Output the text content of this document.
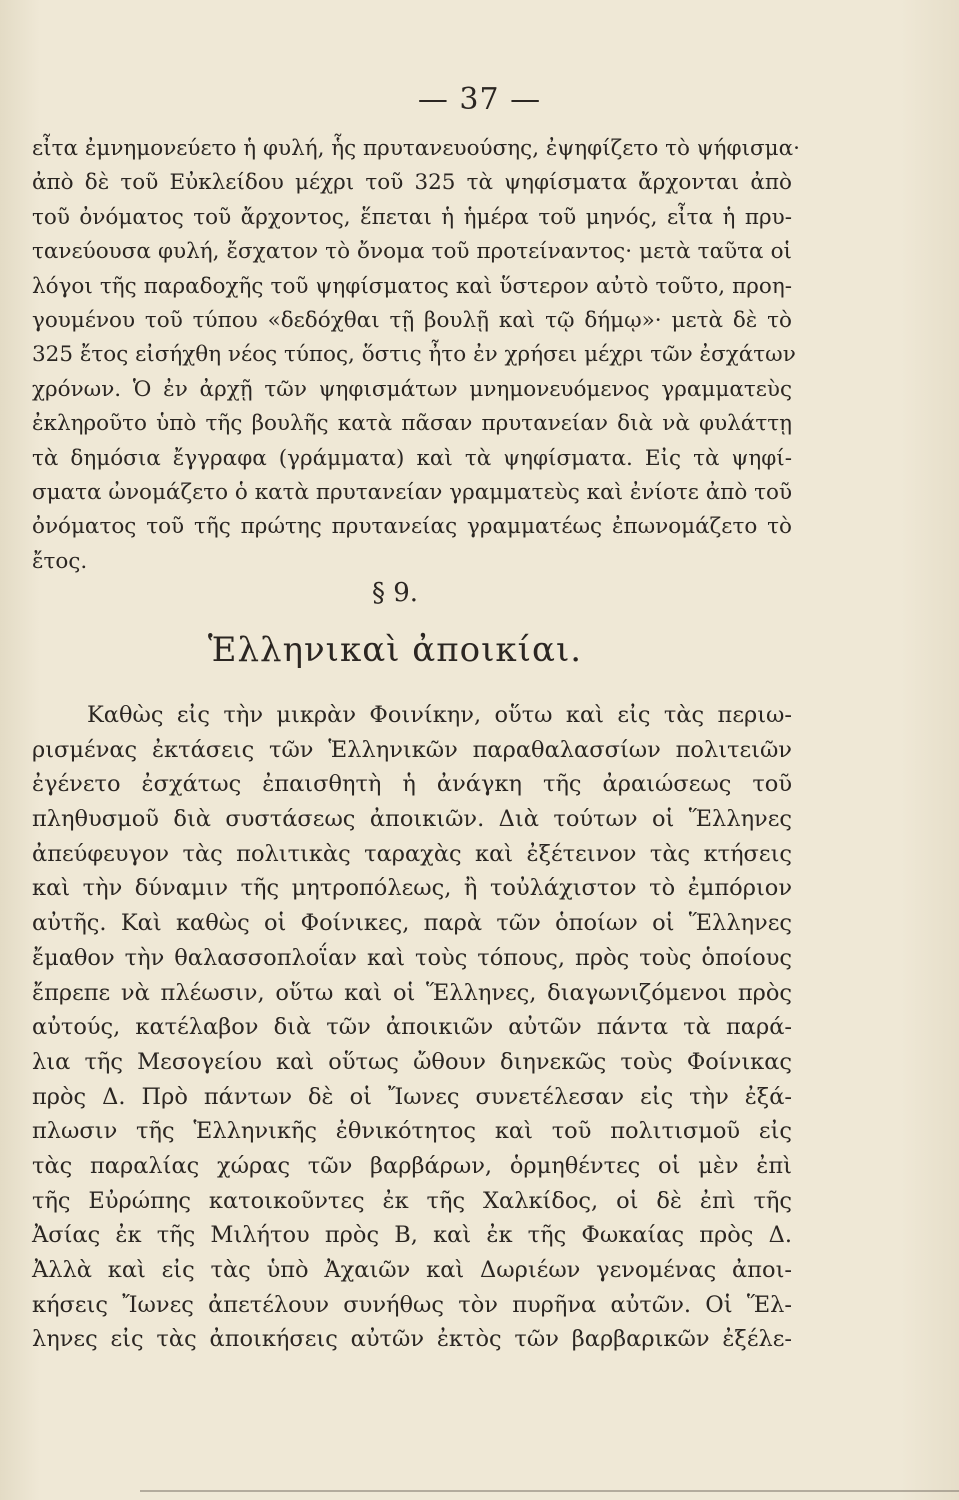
— 37 —
εἶτα ἐμνημονεύετο ἡ φυλή, ἧς πρυτανευούσης, ἐψηφίζετο τὸ ψήφισμα·
ἀπὸ δὲ τοῦ Εὐκλείδου μέχρι τοῦ 325 τὰ ψηφίσματα ἄρχονται ἀπὸ
τοῦ ὀνόματος τοῦ ἄρχοντος, ἕπεται ἡ ἡμέρα τοῦ μηνός, εἶτα ἡ πρυ-
τανεύουσα φυλή, ἔσχατον τὸ ὄνομα τοῦ προτείναντος· μετὰ ταῦτα οἱ
λόγοι τῆς παραδοχῆς τοῦ ψηφίσματος καὶ ὕστερον αὐτὸ τοῦτο, προη-
γουμένου τοῦ τύπου «δεδόχθαι τῇ βουλῇ καὶ τῷ δήμῳ»· μετὰ δὲ τὸ
325 ἔτος εἰσήχθη νέος τύπος, ὅστις ἦτο ἐν χρήσει μέχρι τῶν ἐσχάτων
χρόνων. Ὁ ἐν ἀρχῇ τῶν ψηφισμάτων μνημονευόμενος γραμματεὺς
ἐκληροῦτο ὑπὸ τῆς βουλῆς κατὰ πᾶσαν πρυτανείαν διὰ νὰ φυλάττῃ
τὰ δημόσια ἔγγραφα (γράμματα) καὶ τὰ ψηφίσματα. Εἰς τὰ ψηφί-
σματα ὠνομάζετο ὁ κατὰ πρυτανείαν γραμματεὺς καὶ ἐνίοτε ἀπὸ τοῦ
ὀνόματος τοῦ τῆς πρώτης πρυτανείας γραμματέως ἐπωνομάζετο τὸ
ἔτος.
§ 9.
Ἑλληνικαὶ ἀποικίαι.
Καθὼς εἰς τὴν μικρὰν Φοινίκην, οὕτω καὶ εἰς τὰς περιω-
ρισμένας ἐκτάσεις τῶν Ἑλληνικῶν παραθαλασσίων πολιτειῶν
ἐγένετο ἐσχάτως ἐπαισθητὴ ἡ ἀνάγκη τῆς ἀραιώσεως τοῦ
πληθυσμοῦ διὰ συστάσεως ἀποικιῶν. Διὰ τούτων οἱ Ἕλληνες
ἀπεύφευγον τὰς πολιτικὰς ταραχὰς καὶ ἐξέτεινον τὰς κτήσεις
καὶ τὴν δύναμιν τῆς μητροπόλεως, ἢ τοὐλάχιστον τὸ ἐμπόριον
αὐτῆς. Καὶ καθὼς οἱ Φοίνικες, παρὰ τῶν ὁποίων οἱ Ἕλληνες
ἔμαθον τὴν θαλασσοπλοΐαν καὶ τοὺς τόπους, πρὸς τοὺς ὁποίους
ἔπρεπε νὰ πλέωσιν, οὕτω καὶ οἱ Ἕλληνες, διαγωνιζόμενοι πρὸς
αὐτούς, κατέλαβον διὰ τῶν ἀποικιῶν αὐτῶν πάντα τὰ παρά-
λια τῆς Μεσογείου καὶ οὕτως ὤθουν διηνεκῶς τοὺς Φοίνικας
πρὸς Δ. Πρὸ πάντων δὲ οἱ Ἴωνες συνετέλεσαν εἰς τὴν ἐξά-
πλωσιν τῆς Ἑλληνικῆς ἐθνικότητος καὶ τοῦ πολιτισμοῦ εἰς
τὰς παραλίας χώρας τῶν βαρβάρων, ὁρμηθέντες οἱ μὲν ἐπὶ
τῆς Εὐρώπης κατοικοῦντες ἐκ τῆς Χαλκίδος, οἱ δὲ ἐπὶ τῆς
Ἀσίας ἐκ τῆς Μιλήτου πρὸς Β, καὶ ἐκ τῆς Φωκαίας πρὸς Δ.
Ἀλλὰ καὶ εἰς τὰς ὑπὸ Ἀχαιῶν καὶ Δωριέων γενομένας ἀποι-
κήσεις Ἴωνες ἀπετέλουν συνήθως τὸν πυρῆνα αὐτῶν. Οἱ Ἕλ-
ληνες εἰς τὰς ἀποικήσεις αὐτῶν ἐκτὸς τῶν βαρβαρικῶν ἐξέλε-
